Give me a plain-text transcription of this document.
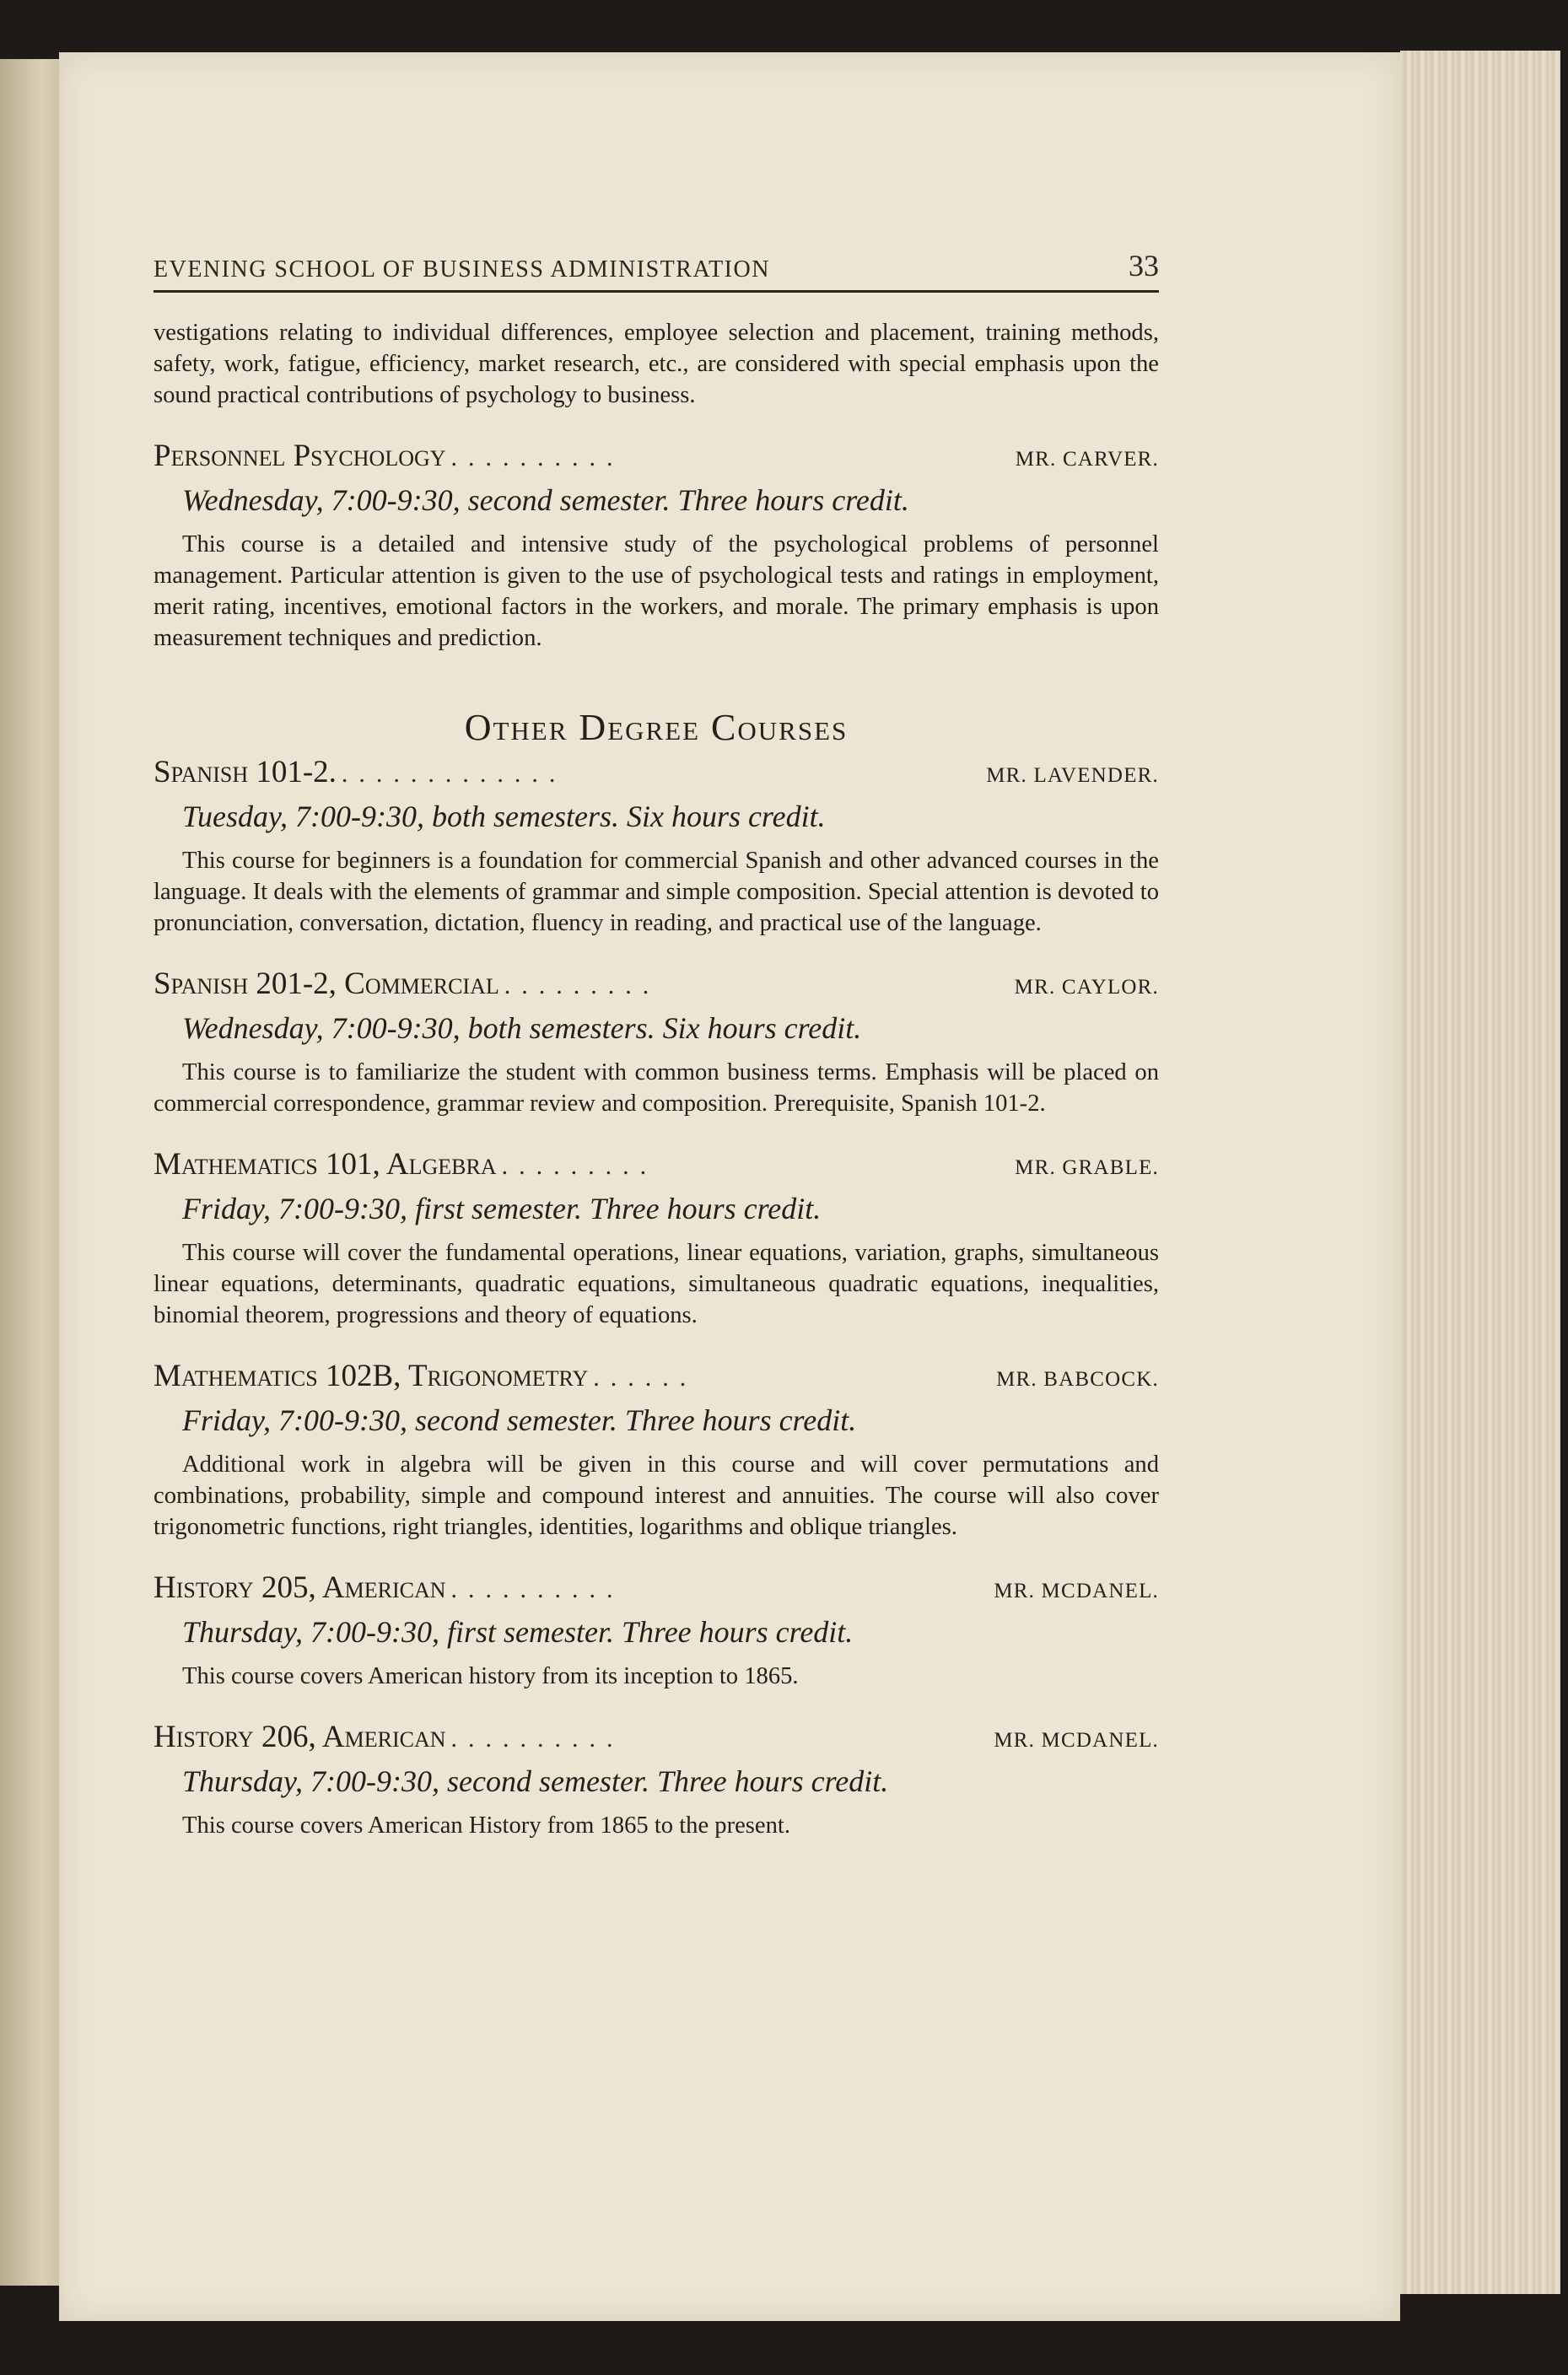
EVENING SCHOOL OF BUSINESS ADMINISTRATION	33

vestigations relating to individual differences, employee selection and placement, training methods, safety, work, fatigue, efficiency, market research, etc., are considered with special emphasis upon the sound practical contributions of psychology to business.

Personnel Psychology ..........	MR. CARVER.
Wednesday, 7:00-9:30, second semester. Three hours credit.

This course is a detailed and intensive study of the psychological problems of personnel management. Particular attention is given to the use of psychological tests and ratings in employment, merit rating, incentives, emotional factors in the workers, and morale. The primary emphasis is upon measurement techniques and prediction.

Other Degree Courses
Spanish 101-2. .............	MR. LAVENDER.
Tuesday, 7:00-9:30, both semesters. Six hours credit.

This course for beginners is a foundation for commercial Spanish and other advanced courses in the language. It deals with the elements of grammar and simple composition. Special attention is devoted to pronunciation, conversation, dictation, fluency in reading, and practical use of the language.

Spanish 201-2, Commercial .........	MR. CAYLOR.
Wednesday, 7:00-9:30, both semesters. Six hours credit.

This course is to familiarize the student with common business terms. Emphasis will be placed on commercial correspondence, grammar review and composition. Prerequisite, Spanish 101-2.

Mathematics 101, Algebra .........	MR. GRABLE.
Friday, 7:00-9:30, first semester. Three hours credit.

This course will cover the fundamental operations, linear equations, variation, graphs, simultaneous linear equations, determinants, quadratic equations, simultaneous quadratic equations, inequalities, binomial theorem, progressions and theory of equations.

Mathematics 102B, Trigonometry ......	MR. BABCOCK.
Friday, 7:00-9:30, second semester. Three hours credit.

Additional work in algebra will be given in this course and will cover permutations and combinations, probability, simple and compound interest and annuities. The course will also cover trigonometric functions, right triangles, identities, logarithms and oblique triangles.

History 205, American ..........	MR. MCDANEL.
Thursday, 7:00-9:30, first semester. Three hours credit.

This course covers American history from its inception to 1865.

History 206, American ..........	MR. MCDANEL.
Thursday, 7:00-9:30, second semester. Three hours credit.

This course covers American History from 1865 to the present.
